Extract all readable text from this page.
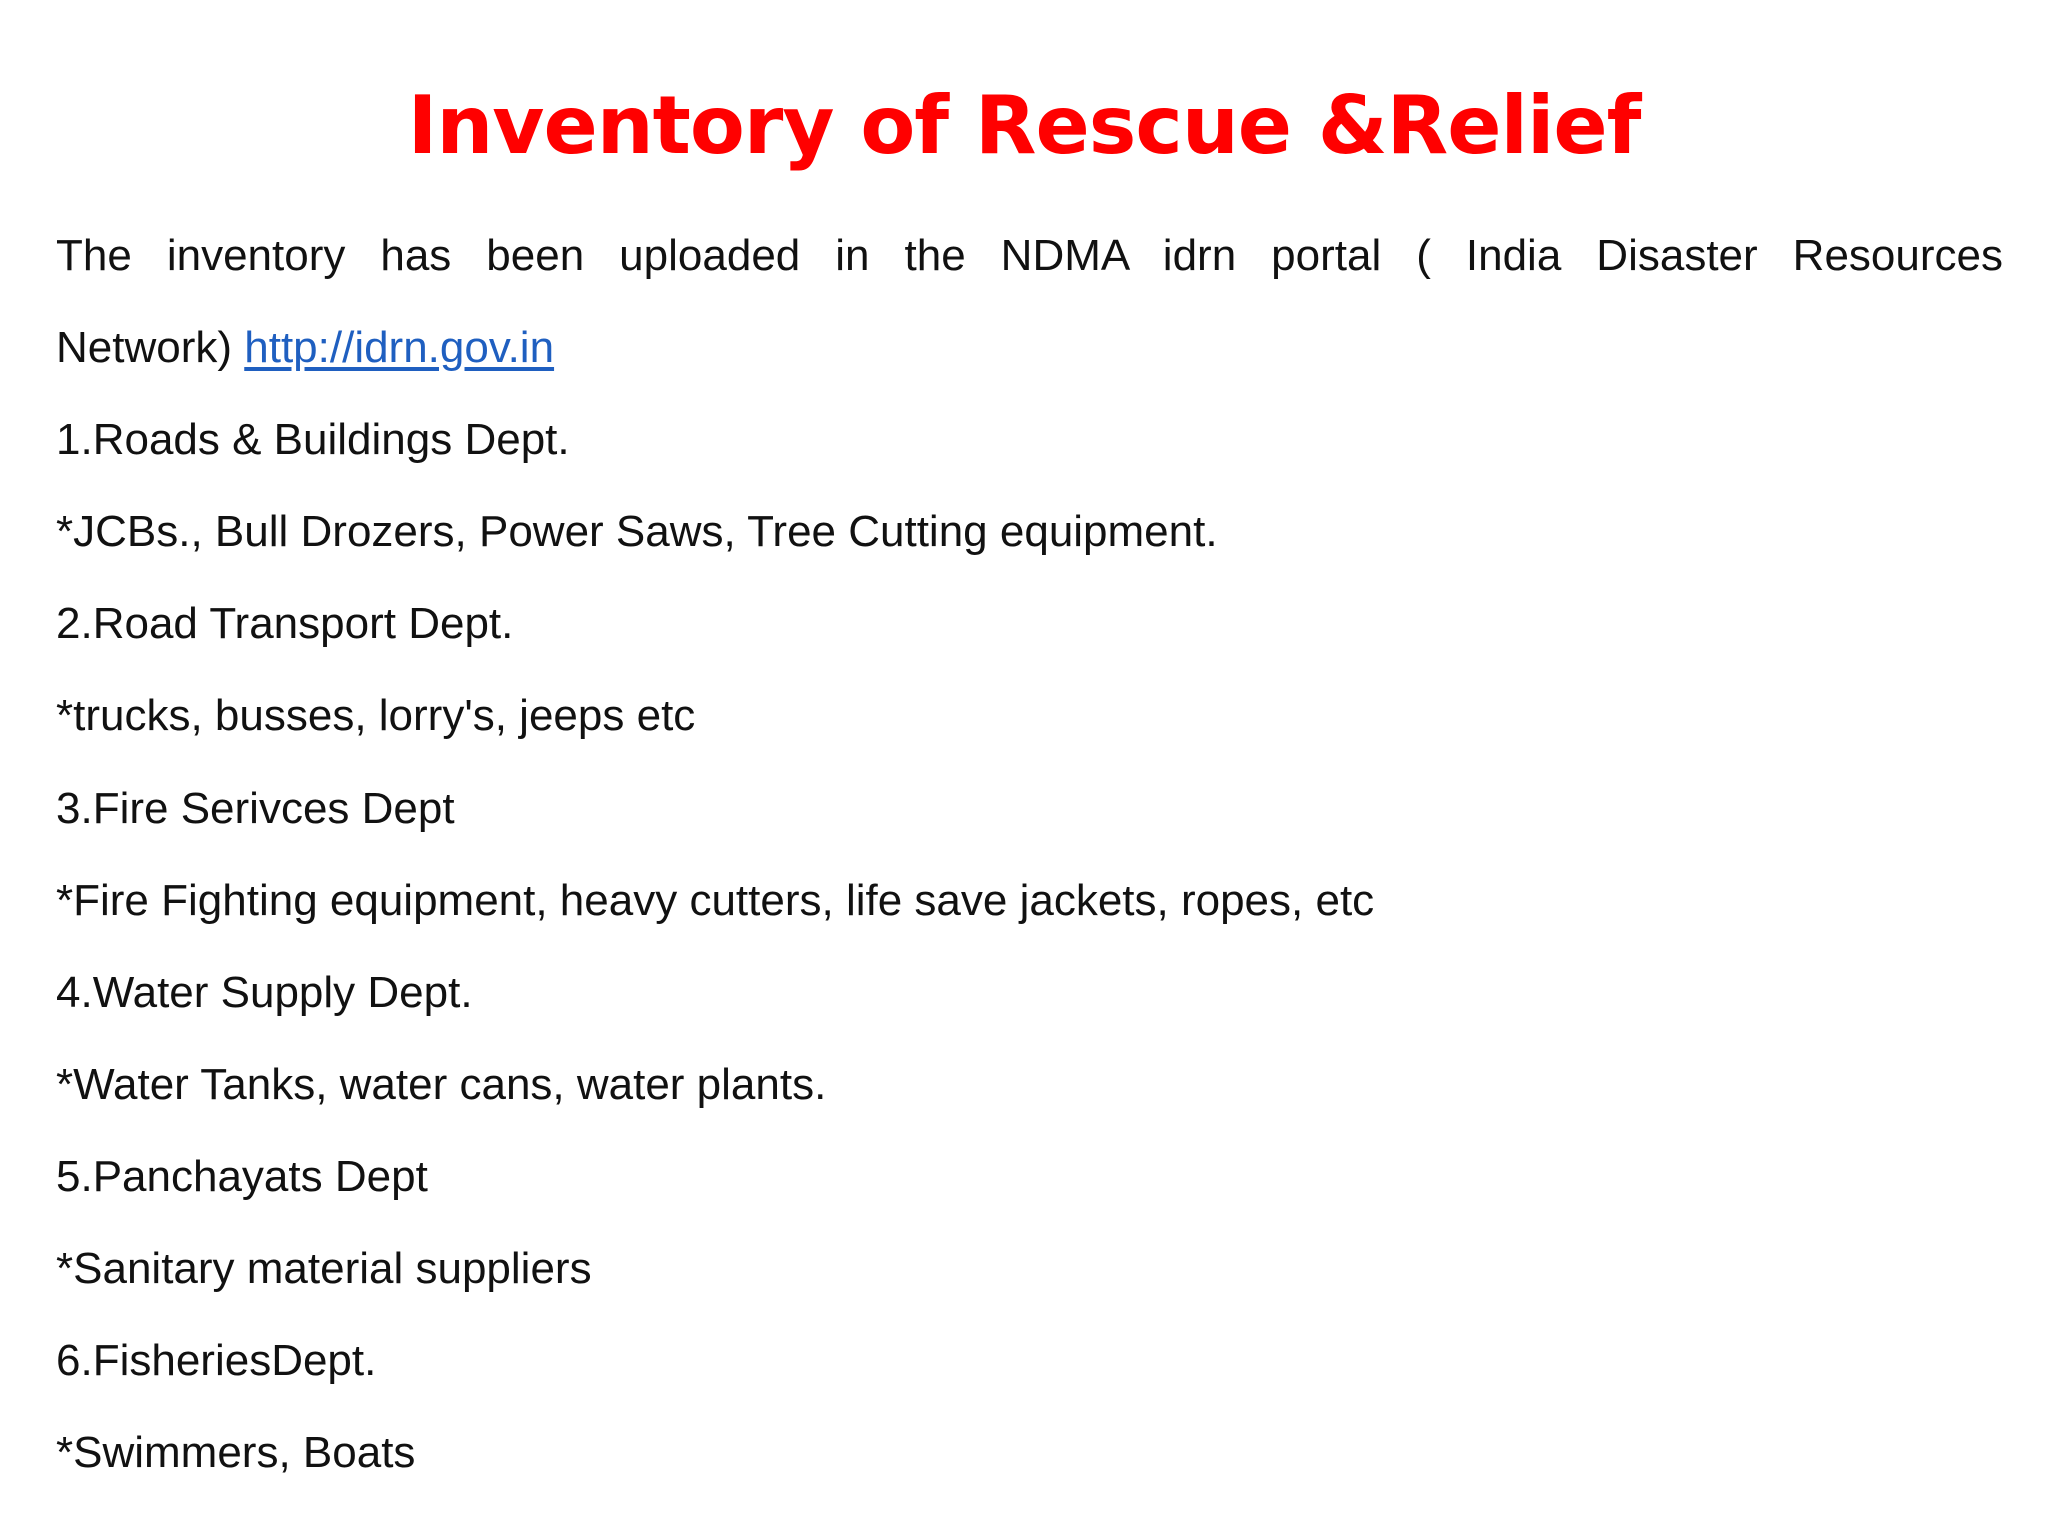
Inventory of Rescue &Relief

The inventory has been uploaded in the NDMA idrn portal ( India Disaster Resources

Network) http://idrn.gov.in

1.Roads & Buildings Dept.

*JCBs., Bull Drozers, Power Saws, Tree Cutting equipment.

2.Road Transport Dept.

*trucks, busses, lorry's, jeeps etc

3.Fire Serivces Dept

*Fire Fighting equipment, heavy cutters, life save jackets, ropes, etc

4.Water Supply Dept.

*Water Tanks, water cans, water plants.

5.Panchayats Dept

*Sanitary material suppliers

6.FisheriesDept.

*Swimmers, Boats
